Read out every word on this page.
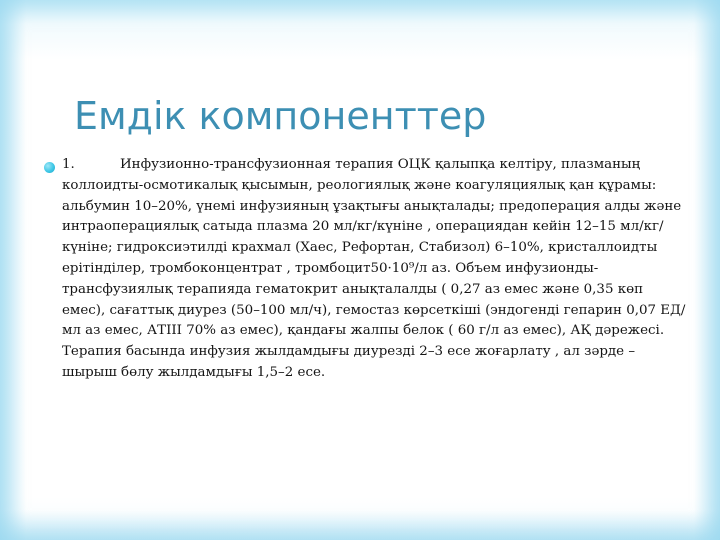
Емдік компоненттер

1.	Инфузионно-трансфузионная терапия ОЦК қалыпқа келтіру, плазманың коллоидты-осмотикалық қысымын, реологиялық және коагуляциялық қан құрамы: альбумин 10–20%, үнемі инфузияның ұзақтығы анықталады; предоперация алды және интраоперациялық сатыда плазма 20 мл/кг/күніне , операциядан кейін 12–15 мл/кг/күніне; гидроксиэтилді крахмал (Хаес, Рефортан, Стабизол) 6–10%, кристаллоидты ерітінділер, тромбоконцентрат , тромбоцит50·10⁹/л аз. Объем инфузионды-трансфузиялық терапияда гематокрит анықталалды ( 0,27 аз емес және 0,35 көп емес), сағаттық диурез (50–100 мл/ч), гемостаз көрсеткіші (эндогенді гепарин 0,07 ЕД/мл аз емес, АТIII 70% аз емес), қандағы жалпы белок ( 60 г/л аз емес), АҚ дәрежесі. Терапия басында инфузия жылдамдығы диурезді 2–3 есе жоғарлату , ал зәрде – шырыш бөлу жылдамдығы 1,5–2 есе.
